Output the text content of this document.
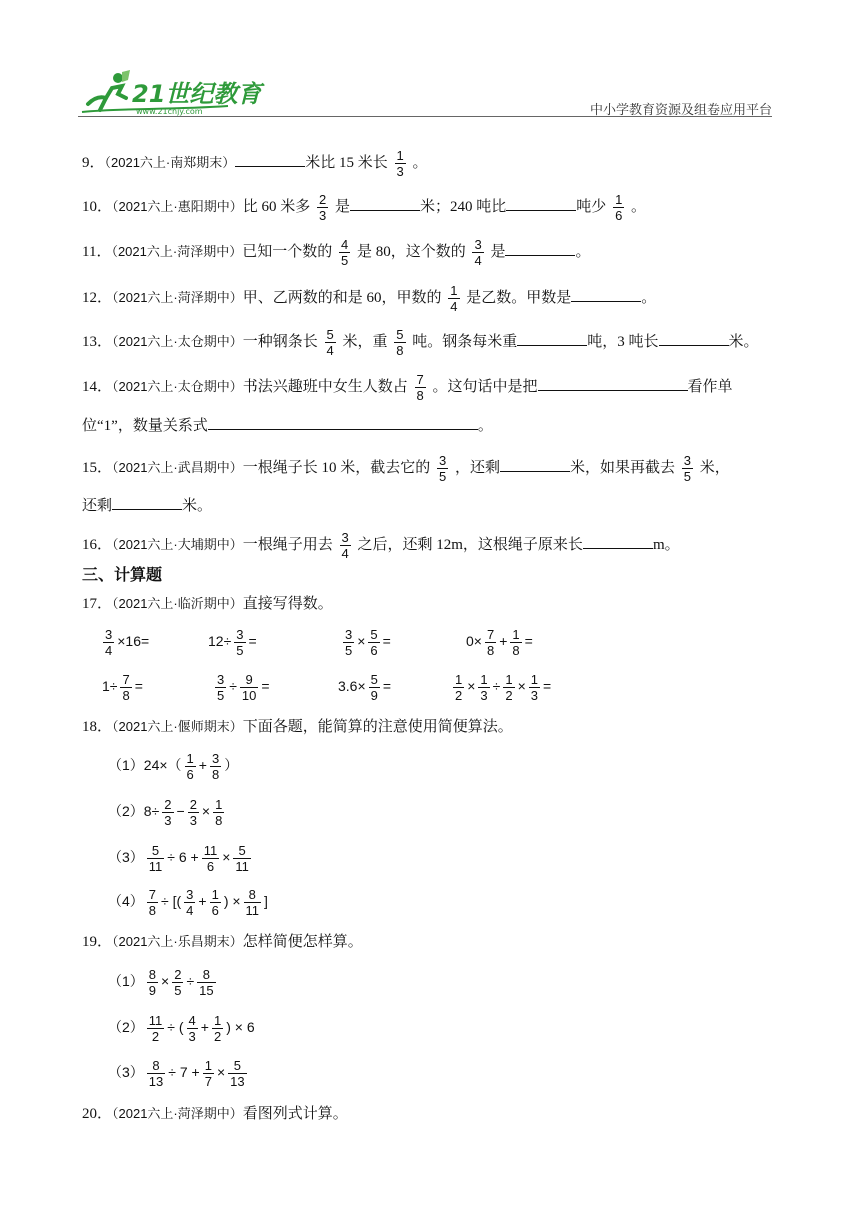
21世纪教育
www.21cnjy.com	中小学教育资源及组卷应用平台
9．（2021六上·南郑期末）	米比 15 米长 $\frac{1}{3}$ 。
10．（2021六上·惠阳期中）比 60 米多 $\frac{2}{3}$ 是	米；240 吨比	吨少 $\frac{1}{6}$ 。
11．（2021六上·菏泽期中）已知一个数的 $\frac{4}{5}$ 是 80，这个数的 $\frac{3}{4}$ 是	。
12．（2021六上·菏泽期中）甲、乙两数的和是 60，甲数的 $\frac{1}{4}$ 是乙数。甲数是	。
13．（2021六上·太仓期中）一种钢条长 $\frac{5}{4}$ 米，重 $\frac{5}{8}$ 吨。钢条每米重	吨，3 吨长	米。
14．（2021六上·太仓期中）书法兴趣班中女生人数占 $\frac{7}{8}$ 。这句话中是把	看作单
位“1”，数量关系式	。
15．（2021六上·武昌期中）一根绳子长 10 米，截去它的 $\frac{3}{5}$ ，还剩	米，如果再截去 $\frac{3}{5}$ 米，
还剩	米。
16．（2021六上·大埔期中）一根绳子用去 $\frac{3}{4}$ 之后，还剩 12m，这根绳子原来长	m。
三、计算题
17．（2021六上·临沂期中）直接写得数。
$\frac{3}{4} \times 16=$	$12\div \frac{3}{5}$ =	$\frac{3}{5} \times \frac{5}{6}$ =	$0\times \frac{7}{8} + \frac{1}{8}$ =
$1\div \frac{7}{8}$ =	$\frac{3}{5} \div \frac{9}{10}$ =	$3.6\times \frac{5}{9}$ =	$\frac{1}{2} \times \frac{1}{3} \div \frac{1}{2} \times \frac{1}{3}$ =
18．（2021六上·偃师期末）下面各题，能简算的注意使用简便算法。
$(1)24\times( \frac{1}{6} + \frac{3}{8}$ ）
$(2)8\div \frac{2}{3} - \frac{2}{3} \times \frac{1}{8}$
$(3) \frac{5}{11} \div 6 + \frac{11}{6} \times \frac{5}{11}$
$(4) \frac{7}{8}$ ÷ [( $\frac{3}{4} + \frac{1}{6}$ ) × $\frac{8}{11}$ ]
19．（2021六上·乐昌期末）怎样简便怎样算。
$(1) \frac{8}{9} \times \frac{2}{5} \div \frac{8}{15}$
$(2) \frac{11}{2}$ ÷ ( $\frac{4}{3} + \frac{1}{2}$ ) × 6
$(3) \frac{8}{13} \div 7 + \frac{1}{7} \times \frac{5}{13}$
20．（2021六上·菏泽期中）看图列式计算。
